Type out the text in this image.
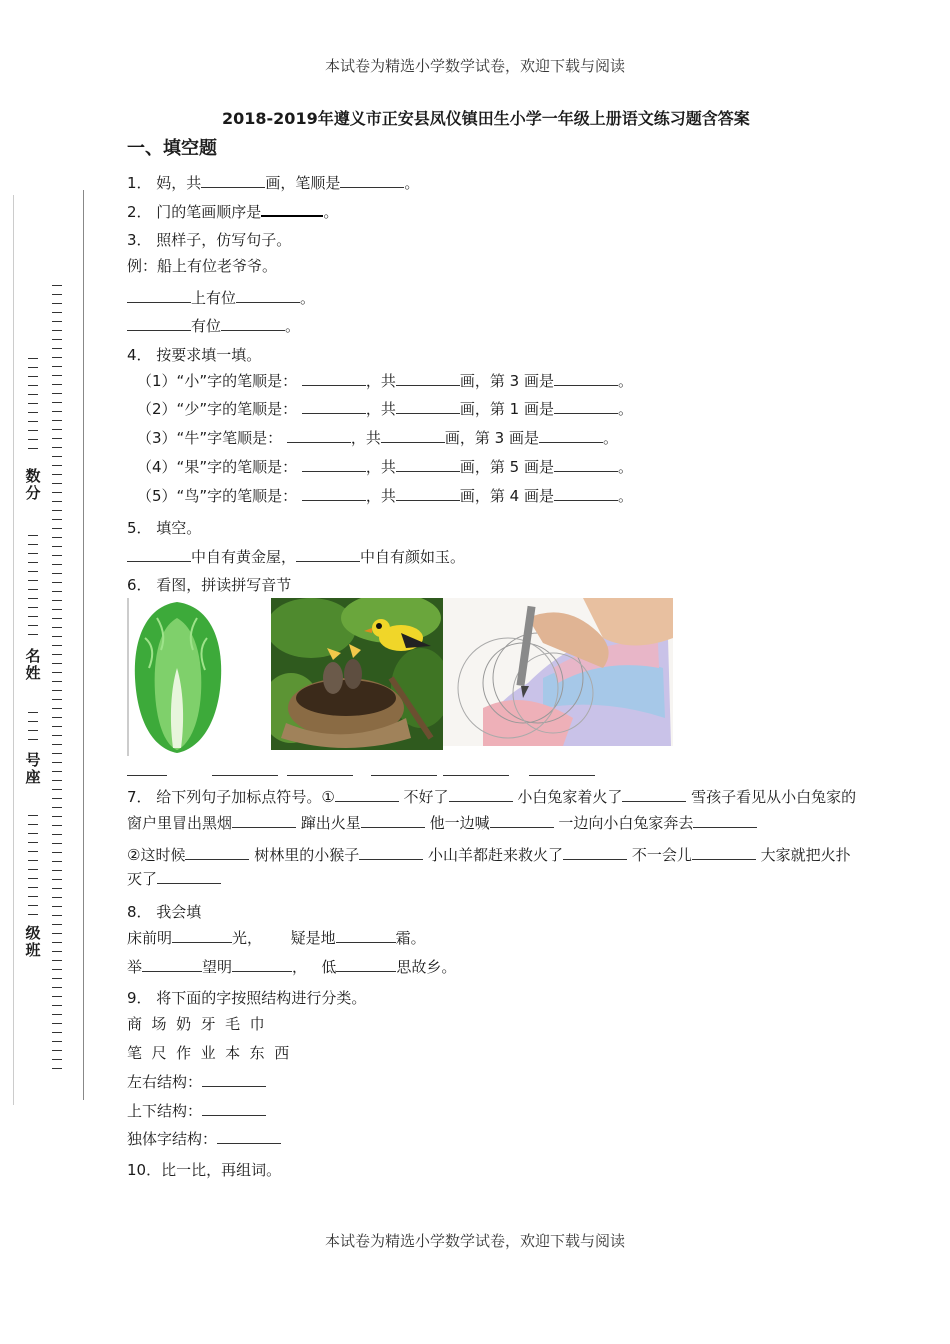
数分
名姓
号座
级班
本试卷为精选小学数学试卷，欢迎下载与阅读
2018-2019年遵义市正安县凤仪镇田生小学一年级上册语文练习题含答案
一、填空题
1． 妈，共	画，笔顺是	。
2． 门的笔画顺序是	。
3． 照样子，仿写句子。
例：船上有位老爷爷。
上有位	。
有位	。
4． 按要求填一填。
（1）“小”字的笔顺是：	，共	画，第 3 画是	。
（2）“少”字的笔顺是：	，共	画，第 1 画是	。
（3）“牛”字笔顺是：	，共	画，第 3 画是	。
（4）“果”字的笔顺是：	，共	画，第 5 画是	。
（5）“鸟”字的笔顺是：	，共	画，第 4 画是	。
5． 填空。
中自有黄金屋，	中自有颜如玉。
6． 看图，拼读拼写音节
7． 给下列句子加标点符号。①	不好了	小白兔家着火了	雪孩子看见从小白兔家的
窗户里冒出黑烟	蹿出火星	他一边喊	一边向小白兔家奔去
②这时候	树林里的小猴子	小山羊都赶来救火了	不一会儿	大家就把火扑
灭了
8． 我会填
床前明	光， 疑是地	霜。
举	望明	， 低	思故乡。
9． 将下面的字按照结构进行分类。
商  场  奶  牙  毛  巾
笔  尺  作  业  本  东  西
左右结构：
上下结构：
独体字结构：
10．比一比，再组词。
本试卷为精选小学数学试卷，欢迎下载与阅读
